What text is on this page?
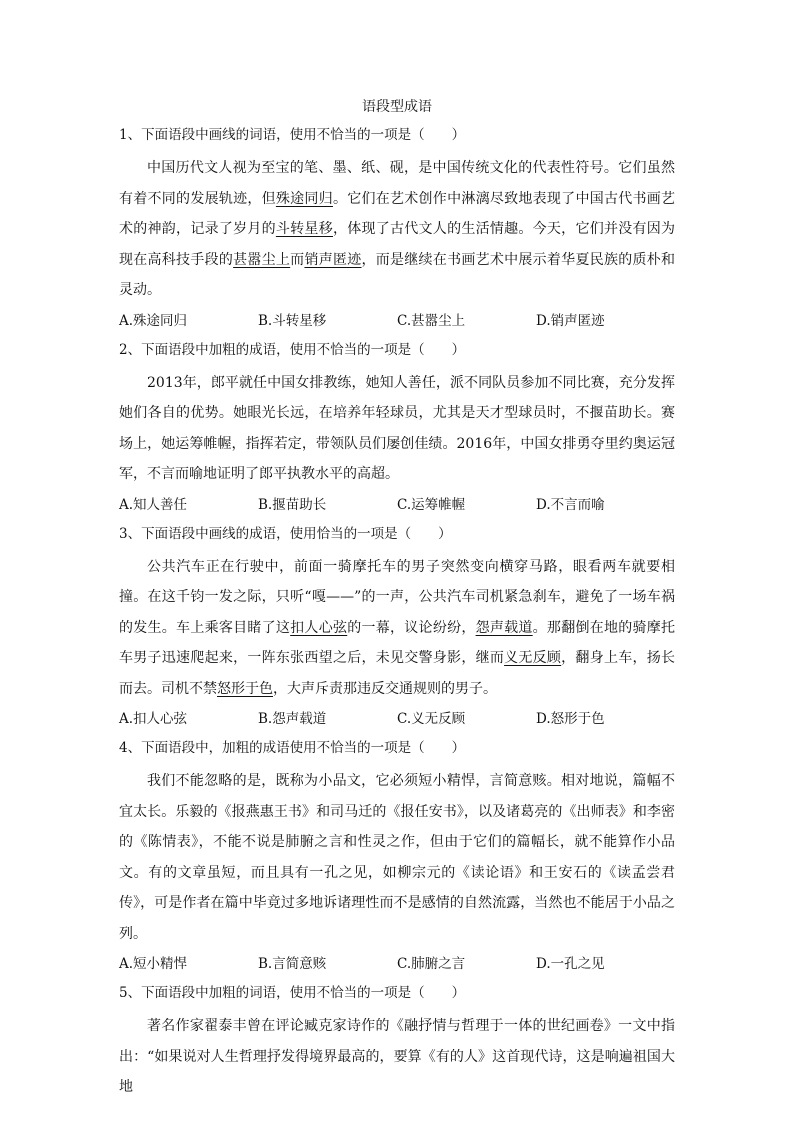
语段型成语
1、下面语段中画线的词语，使用不恰当的一项是（　　）
中国历代文人视为至宝的笔、墨、纸、砚，是中国传统文化的代表性符号。它们虽然有着不同的发展轨迹，但殊途同归。它们在艺术创作中淋漓尽致地表现了中国古代书画艺术的神韵，记录了岁月的斗转星移，体现了古代文人的生活情趣。今天，它们并没有因为现在高科技手段的甚嚣尘上而销声匿迹，而是继续在书画艺术中展示着华夏民族的质朴和灵动。
A.殊途同归	B.斗转星移	C.甚嚣尘上	D.销声匿迹
2、下面语段中加粗的成语，使用不恰当的一项是（　　）
2013年，郎平就任中国女排教练，她知人善任，派不同队员参加不同比赛，充分发挥她们各自的优势。她眼光长远，在培养年轻球员，尤其是天才型球员时，不揠苗助长。赛场上，她运筹帷幄，指挥若定，带领队员们屡创佳绩。2016年，中国女排勇夺里约奥运冠军，不言而喻地证明了郎平执教水平的高超。
A.知人善任	B.揠苗助长	C.运筹帷幄	D.不言而喻
3、下面语段中画线的成语，使用恰当的一项是（　　）
公共汽车正在行驶中，前面一骑摩托车的男子突然变向横穿马路，眼看两车就要相撞。在这千钧一发之际，只听“嘎——”的一声，公共汽车司机紧急刹车，避免了一场车祸的发生。车上乘客目睹了这扣人心弦的一幕，议论纷纷，怨声载道。那翻倒在地的骑摩托车男子迅速爬起来，一阵东张西望之后，未见交警身影，继而义无反顾，翻身上车，扬长而去。司机不禁怒形于色，大声斥责那违反交通规则的男子。
A.扣人心弦	B.怨声载道	C.义无反顾	D.怒形于色
4、下面语段中，加粗的成语使用不恰当的一项是（　　）
我们不能忽略的是，既称为小品文，它必须短小精悍，言简意赅。相对地说，篇幅不宜太长。乐毅的《报燕惠王书》和司马迁的《报任安书》，以及诸葛亮的《出师表》和李密的《陈情表》，不能不说是肺腑之言和性灵之作，但由于它们的篇幅长，就不能算作小品文。有的文章虽短，而且具有一孔之见，如柳宗元的《读论语》和王安石的《读孟尝君传》，可是作者在篇中毕竟过多地诉诸理性而不是感情的自然流露，当然也不能居于小品之列。
A.短小精悍	B.言简意赅	C.肺腑之言	D.一孔之见
5、下面语段中加粗的词语，使用不恰当的一项是（　　）
著名作家翟泰丰曾在评论臧克家诗作的《融抒情与哲理于一体的世纪画卷》一文中指出：“如果说对人生哲理抒发得境界最高的，要算《有的人》这首现代诗，这是响遍祖国大地
